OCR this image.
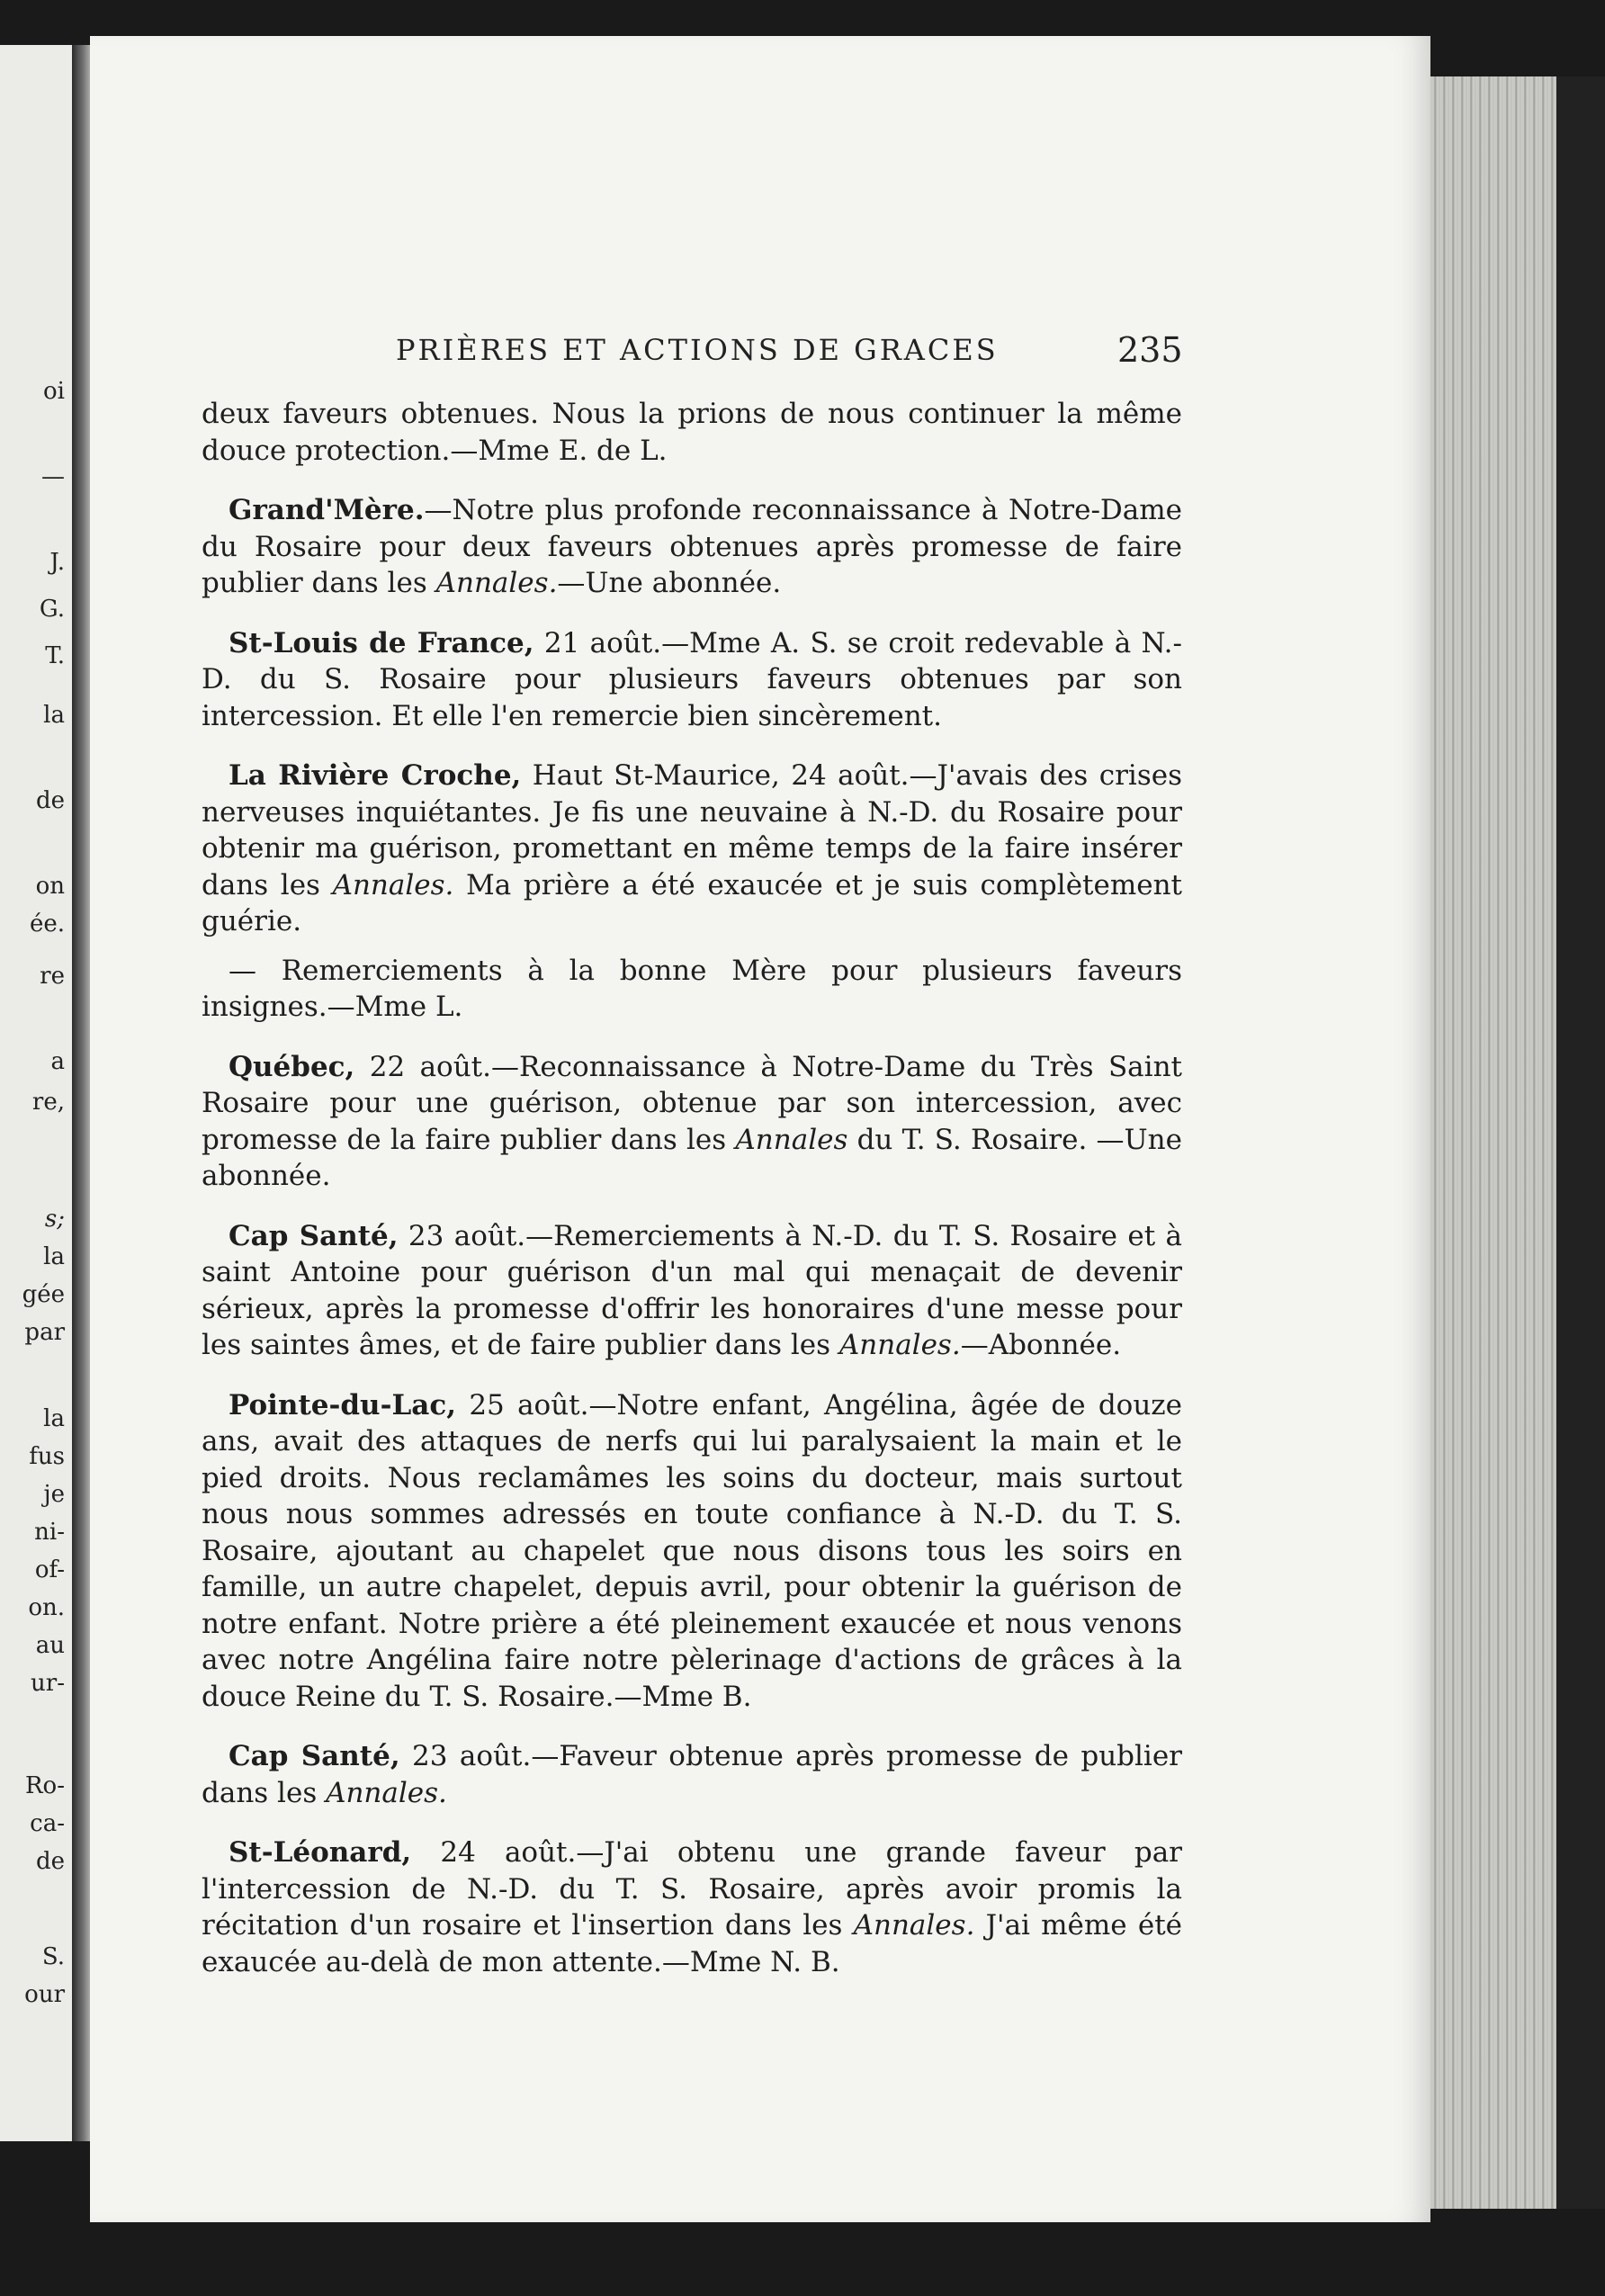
oi
—
J.
G.
T.
la
de
on
ée.
re
a
re,
s;
la
gée
par
la
fus
je
ni-
of-
on.
au
ur-
Ro-
ca-
de
S.
our
PRIÈRES ET ACTIONS DE GRACES	235

deux faveurs obtenues. Nous la prions de nous continuer la même douce protection.—Mme E. de L.

Grand'Mère.—Notre plus profonde reconnaissance à Notre-Dame du Rosaire pour deux faveurs obtenues après promesse de faire publier dans les Annales.—Une abonnée.

St-Louis de France, 21 août.—Mme A. S. se croit redevable à N.-D. du S. Rosaire pour plusieurs faveurs obtenues par son intercession. Et elle l'en remercie bien sincèrement.

La Rivière Croche, Haut St-Maurice, 24 août.—J'avais des crises nerveuses inquiétantes. Je fis une neuvaine à N.-D. du Rosaire pour obtenir ma guérison, promettant en même temps de la faire insérer dans les Annales. Ma prière a été exaucée et je suis complètement guérie.

— Remerciements à la bonne Mère pour plusieurs faveurs insignes.—Mme L.

Québec, 22 août.—Reconnaissance à Notre-Dame du Très Saint Rosaire pour une guérison, obtenue par son intercession, avec promesse de la faire publier dans les Annales du T. S. Rosaire. —Une abonnée.

Cap Santé, 23 août.—Remerciements à N.-D. du T. S. Rosaire et à saint Antoine pour guérison d'un mal qui menaçait de devenir sérieux, après la promesse d'offrir les honoraires d'une messe pour les saintes âmes, et de faire publier dans les Annales.—Abonnée.

Pointe-du-Lac, 25 août.—Notre enfant, Angélina, âgée de douze ans, avait des attaques de nerfs qui lui paralysaient la main et le pied droits. Nous reclamâmes les soins du docteur, mais surtout nous nous sommes adressés en toute confiance à N.-D. du T. S. Rosaire, ajoutant au chapelet que nous disons tous les soirs en famille, un autre chapelet, depuis avril, pour obtenir la guérison de notre enfant. Notre prière a été pleinement exaucée et nous venons avec notre Angélina faire notre pèlerinage d'actions de grâces à la douce Reine du T. S. Rosaire.—Mme B.

Cap Santé, 23 août.—Faveur obtenue après promesse de publier dans les Annales.

St-Léonard, 24 août.—J'ai obtenu une grande faveur par l'intercession de N.-D. du T. S. Rosaire, après avoir promis la récitation d'un rosaire et l'insertion dans les Annales. J'ai même été exaucée au-delà de mon attente.—Mme N. B.
